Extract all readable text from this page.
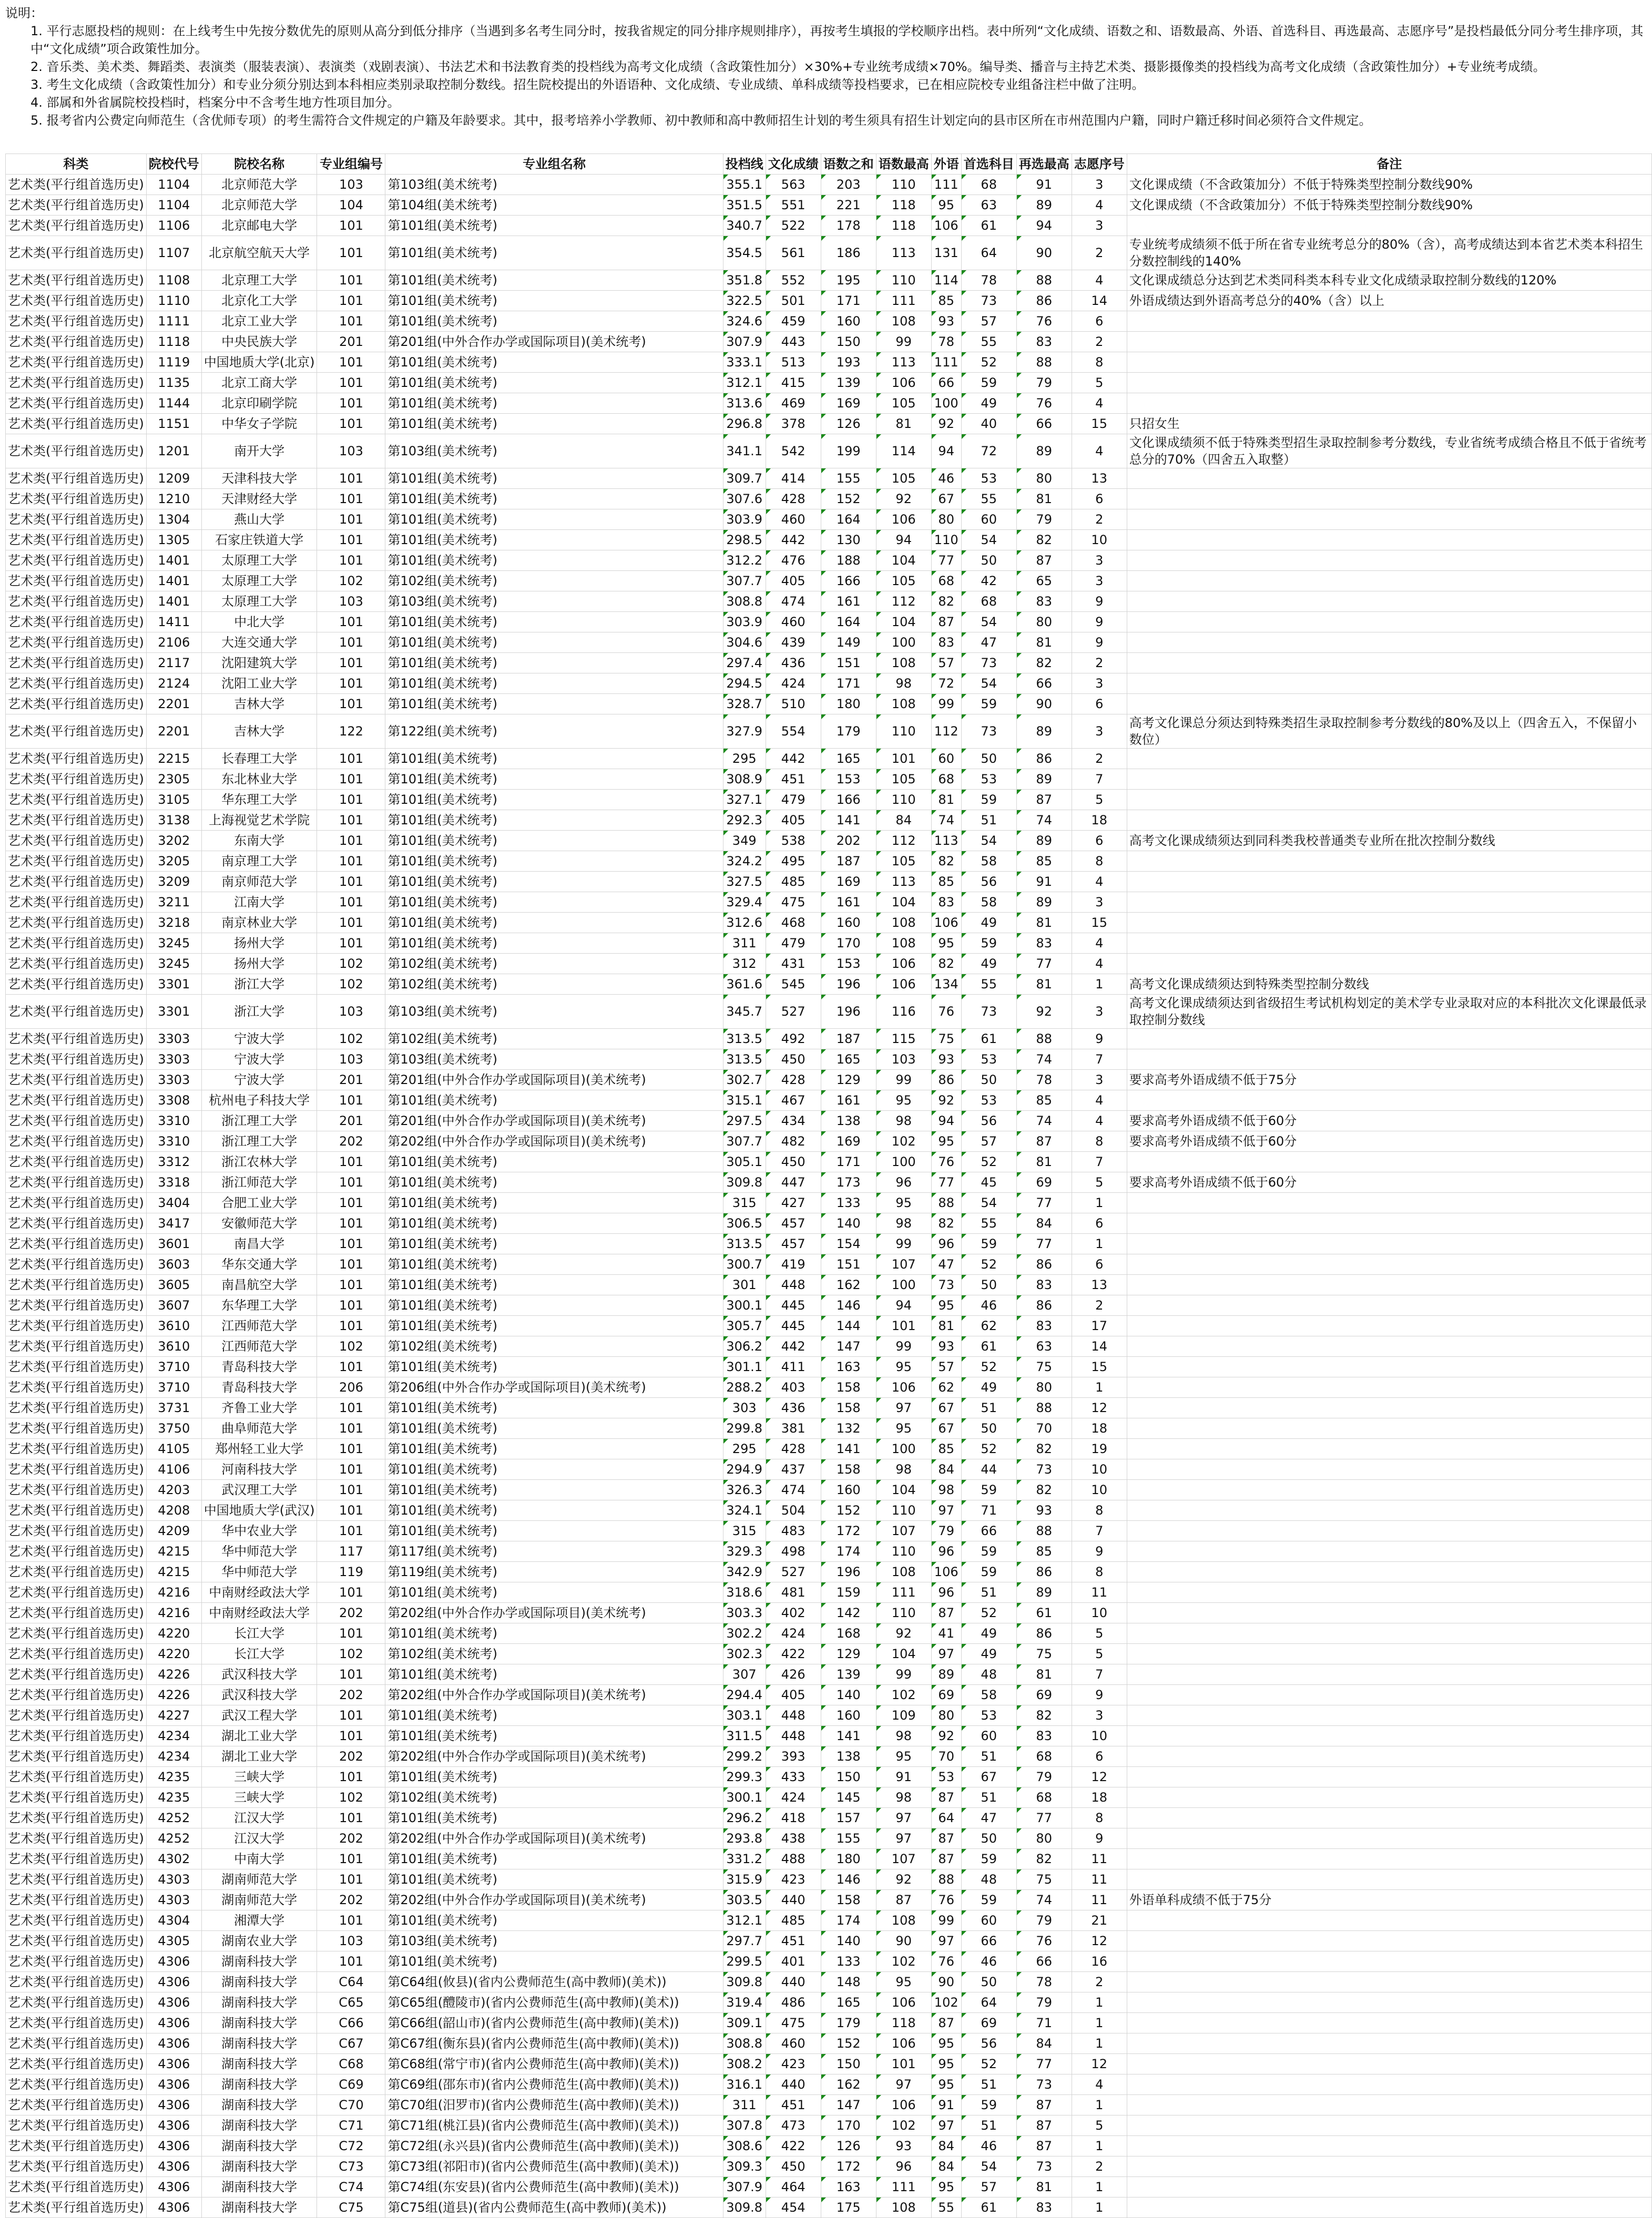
说明：
1. 平行志愿投档的规则：在上线考生中先按分数优先的原则从高分到低分排序（当遇到多名考生同分时，按我省规定的同分排序规则排序），再按考生填报的学校顺序出档。表中所列“文化成绩、语数之和、语数最高、外语、首选科目、再选最高、志愿序号”是投档最低分同分考生排序项，其中“文化成绩”项合政策性加分。
2. 音乐类、美术类、舞蹈类、表演类（服装表演）、表演类（戏剧表演）、书法艺术和书法教育类的投档线为高考文化成绩（含政策性加分）×30%+专业统考成绩×70%。编导类、播音与主持艺术类、摄影摄像类的投档线为高考文化成绩（含政策性加分）+专业统考成绩。
3. 考生文化成绩（含政策性加分）和专业分须分别达到本科相应类别录取控制分数线。招生院校提出的外语语种、文化成绩、专业成绩、单科成绩等投档要求，已在相应院校专业组备注栏中做了注明。
4. 部属和外省属院校投档时，档案分中不含考生地方性项目加分。
5. 报考省内公费定向师范生（含优师专项）的考生需符合文件规定的户籍及年龄要求。其中，报考培养小学教师、初中教师和高中教师招生计划的考生须具有招生计划定向的县市区所在市州范围内户籍，同时户籍迁移时间必须符合文件规定。
科类	院校代号	院校名称	专业组编号	专业组名称	投档线	文化成绩	语数之和	语数最高	外语	首选科目	再选最高	志愿序号	备注
艺术类(平行组首选历史)	1104	北京师范大学	103	第103组(美术统考)	355.1	563	203	110	111	68	91	3	文化课成绩（不含政策加分）不低于特殊类型控制分数线90%
艺术类(平行组首选历史)	1104	北京师范大学	104	第104组(美术统考)	351.5	551	221	118	95	63	89	4	文化课成绩（不含政策加分）不低于特殊类型控制分数线90%
艺术类(平行组首选历史)	1106	北京邮电大学	101	第101组(美术统考)	340.7	522	178	118	106	61	94	3	
艺术类(平行组首选历史)	1107	北京航空航天大学	101	第101组(美术统考)	354.5	561	186	113	131	64	90	2	专业统考成绩须不低于所在省专业统考总分的80%（含），高考成绩达到本省艺术类本科招生分数控制线的140%
艺术类(平行组首选历史)	1108	北京理工大学	101	第101组(美术统考)	351.8	552	195	110	114	78	88	4	文化课成绩总分达到艺术类同科类本科专业文化成绩录取控制分数线的120%
艺术类(平行组首选历史)	1110	北京化工大学	101	第101组(美术统考)	322.5	501	171	111	85	73	86	14	外语成绩达到外语高考总分的40%（含）以上
艺术类(平行组首选历史)	1111	北京工业大学	101	第101组(美术统考)	324.6	459	160	108	93	57	76	6	
艺术类(平行组首选历史)	1118	中央民族大学	201	第201组(中外合作办学或国际项目)(美术统考)	307.9	443	150	99	78	55	83	2	
艺术类(平行组首选历史)	1119	中国地质大学(北京)	101	第101组(美术统考)	333.1	513	193	113	111	52	88	8	
艺术类(平行组首选历史)	1135	北京工商大学	101	第101组(美术统考)	312.1	415	139	106	66	59	79	5	
艺术类(平行组首选历史)	1144	北京印刷学院	101	第101组(美术统考)	313.6	469	169	105	100	49	76	4	
艺术类(平行组首选历史)	1151	中华女子学院	101	第101组(美术统考)	296.8	378	126	81	92	40	66	15	只招女生
艺术类(平行组首选历史)	1201	南开大学	103	第103组(美术统考)	341.1	542	199	114	94	72	89	4	文化课成绩须不低于特殊类型招生录取控制参考分数线，专业省统考成绩合格且不低于省统考总分的70%（四舍五入取整）
艺术类(平行组首选历史)	1209	天津科技大学	101	第101组(美术统考)	309.7	414	155	105	46	53	80	13	
艺术类(平行组首选历史)	1210	天津财经大学	101	第101组(美术统考)	307.6	428	152	92	67	55	81	6	
艺术类(平行组首选历史)	1304	燕山大学	101	第101组(美术统考)	303.9	460	164	106	80	60	79	2	
艺术类(平行组首选历史)	1305	石家庄铁道大学	101	第101组(美术统考)	298.5	442	130	94	110	54	82	10	
艺术类(平行组首选历史)	1401	太原理工大学	101	第101组(美术统考)	312.2	476	188	104	77	50	87	3	
艺术类(平行组首选历史)	1401	太原理工大学	102	第102组(美术统考)	307.7	405	166	105	68	42	65	3	
艺术类(平行组首选历史)	1401	太原理工大学	103	第103组(美术统考)	308.8	474	161	112	82	68	83	9	
艺术类(平行组首选历史)	1411	中北大学	101	第101组(美术统考)	303.9	460	164	104	87	54	80	9	
艺术类(平行组首选历史)	2106	大连交通大学	101	第101组(美术统考)	304.6	439	149	100	83	47	81	9	
艺术类(平行组首选历史)	2117	沈阳建筑大学	101	第101组(美术统考)	297.4	436	151	108	57	73	82	2	
艺术类(平行组首选历史)	2124	沈阳工业大学	101	第101组(美术统考)	294.5	424	171	98	72	54	66	3	
艺术类(平行组首选历史)	2201	吉林大学	101	第101组(美术统考)	328.7	510	180	108	99	59	90	6	
艺术类(平行组首选历史)	2201	吉林大学	122	第122组(美术统考)	327.9	554	179	110	112	73	89	3	高考文化课总分须达到特殊类招生录取控制参考分数线的80%及以上（四舍五入，不保留小数位）
艺术类(平行组首选历史)	2215	长春理工大学	101	第101组(美术统考)	295	442	165	101	60	50	86	2	
艺术类(平行组首选历史)	2305	东北林业大学	101	第101组(美术统考)	308.9	451	153	105	68	53	89	7	
艺术类(平行组首选历史)	3105	华东理工大学	101	第101组(美术统考)	327.1	479	166	110	81	59	87	5	
艺术类(平行组首选历史)	3138	上海视觉艺术学院	101	第101组(美术统考)	292.3	405	141	84	74	51	74	18	
艺术类(平行组首选历史)	3202	东南大学	101	第101组(美术统考)	349	538	202	112	113	54	89	6	高考文化课成绩须达到同科类我校普通类专业所在批次控制分数线
艺术类(平行组首选历史)	3205	南京理工大学	101	第101组(美术统考)	324.2	495	187	105	82	58	85	8	
艺术类(平行组首选历史)	3209	南京师范大学	101	第101组(美术统考)	327.5	485	169	113	85	56	91	4	
艺术类(平行组首选历史)	3211	江南大学	101	第101组(美术统考)	329.4	475	161	104	83	58	89	3	
艺术类(平行组首选历史)	3218	南京林业大学	101	第101组(美术统考)	312.6	468	160	108	106	49	81	15	
艺术类(平行组首选历史)	3245	扬州大学	101	第101组(美术统考)	311	479	170	108	95	59	83	4	
艺术类(平行组首选历史)	3245	扬州大学	102	第102组(美术统考)	312	431	153	106	82	49	77	4	
艺术类(平行组首选历史)	3301	浙江大学	102	第102组(美术统考)	361.6	545	196	106	134	55	81	1	高考文化课成绩须达到特殊类型控制分数线
艺术类(平行组首选历史)	3301	浙江大学	103	第103组(美术统考)	345.7	527	196	116	76	73	92	3	高考文化课成绩须达到省级招生考试机构划定的美术学专业录取对应的本科批次文化课最低录取控制分数线
艺术类(平行组首选历史)	3303	宁波大学	102	第102组(美术统考)	313.5	492	187	115	75	61	88	9	
艺术类(平行组首选历史)	3303	宁波大学	103	第103组(美术统考)	313.5	450	165	103	93	53	74	7	
艺术类(平行组首选历史)	3303	宁波大学	201	第201组(中外合作办学或国际项目)(美术统考)	302.7	428	129	99	86	50	78	3	要求高考外语成绩不低于75分
艺术类(平行组首选历史)	3308	杭州电子科技大学	101	第101组(美术统考)	315.1	467	161	95	92	53	85	4	
艺术类(平行组首选历史)	3310	浙江理工大学	201	第201组(中外合作办学或国际项目)(美术统考)	297.5	434	138	98	94	56	74	4	要求高考外语成绩不低于60分
艺术类(平行组首选历史)	3310	浙江理工大学	202	第202组(中外合作办学或国际项目)(美术统考)	307.7	482	169	102	95	57	87	8	要求高考外语成绩不低于60分
艺术类(平行组首选历史)	3312	浙江农林大学	101	第101组(美术统考)	305.1	450	171	100	76	52	81	7	
艺术类(平行组首选历史)	3318	浙江师范大学	101	第101组(美术统考)	309.8	447	173	96	77	45	69	5	要求高考外语成绩不低于60分
艺术类(平行组首选历史)	3404	合肥工业大学	101	第101组(美术统考)	315	427	133	95	88	54	77	1	
艺术类(平行组首选历史)	3417	安徽师范大学	101	第101组(美术统考)	306.5	457	140	98	82	55	84	6	
艺术类(平行组首选历史)	3601	南昌大学	101	第101组(美术统考)	313.5	457	154	99	96	59	77	1	
艺术类(平行组首选历史)	3603	华东交通大学	101	第101组(美术统考)	300.7	419	151	107	47	52	86	6	
艺术类(平行组首选历史)	3605	南昌航空大学	101	第101组(美术统考)	301	448	162	100	73	50	83	13	
艺术类(平行组首选历史)	3607	东华理工大学	101	第101组(美术统考)	300.1	445	146	94	95	46	86	2	
艺术类(平行组首选历史)	3610	江西师范大学	101	第101组(美术统考)	305.7	445	144	101	81	62	83	17	
艺术类(平行组首选历史)	3610	江西师范大学	102	第102组(美术统考)	306.2	442	147	99	93	61	63	14	
艺术类(平行组首选历史)	3710	青岛科技大学	101	第101组(美术统考)	301.1	411	163	95	57	52	75	15	
艺术类(平行组首选历史)	3710	青岛科技大学	206	第206组(中外合作办学或国际项目)(美术统考)	288.2	403	158	106	62	49	80	1	
艺术类(平行组首选历史)	3731	齐鲁工业大学	101	第101组(美术统考)	303	436	158	97	67	51	88	12	
艺术类(平行组首选历史)	3750	曲阜师范大学	101	第101组(美术统考)	299.8	381	132	95	67	50	70	18	
艺术类(平行组首选历史)	4105	郑州轻工业大学	101	第101组(美术统考)	295	428	141	100	85	52	82	19	
艺术类(平行组首选历史)	4106	河南科技大学	101	第101组(美术统考)	294.9	437	158	98	84	44	73	10	
艺术类(平行组首选历史)	4203	武汉理工大学	101	第101组(美术统考)	326.3	474	160	104	98	59	82	10	
艺术类(平行组首选历史)	4208	中国地质大学(武汉)	101	第101组(美术统考)	324.1	504	152	110	97	71	93	8	
艺术类(平行组首选历史)	4209	华中农业大学	101	第101组(美术统考)	315	483	172	107	79	66	88	7	
艺术类(平行组首选历史)	4215	华中师范大学	117	第117组(美术统考)	329.3	498	174	110	96	59	85	9	
艺术类(平行组首选历史)	4215	华中师范大学	119	第119组(美术统考)	342.9	527	196	108	106	59	86	8	
艺术类(平行组首选历史)	4216	中南财经政法大学	101	第101组(美术统考)	318.6	481	159	111	96	51	89	11	
艺术类(平行组首选历史)	4216	中南财经政法大学	202	第202组(中外合作办学或国际项目)(美术统考)	303.3	402	142	110	87	52	61	10	
艺术类(平行组首选历史)	4220	长江大学	101	第101组(美术统考)	302.2	424	168	92	41	49	86	5	
艺术类(平行组首选历史)	4220	长江大学	102	第102组(美术统考)	302.3	422	129	104	97	49	75	5	
艺术类(平行组首选历史)	4226	武汉科技大学	101	第101组(美术统考)	307	426	139	99	89	48	81	7	
艺术类(平行组首选历史)	4226	武汉科技大学	202	第202组(中外合作办学或国际项目)(美术统考)	294.4	405	140	102	69	58	69	9	
艺术类(平行组首选历史)	4227	武汉工程大学	101	第101组(美术统考)	303.1	448	160	109	80	53	82	3	
艺术类(平行组首选历史)	4234	湖北工业大学	101	第101组(美术统考)	311.5	448	141	98	92	60	83	10	
艺术类(平行组首选历史)	4234	湖北工业大学	202	第202组(中外合作办学或国际项目)(美术统考)	299.2	393	138	95	70	51	68	6	
艺术类(平行组首选历史)	4235	三峡大学	101	第101组(美术统考)	299.3	433	150	91	53	67	79	12	
艺术类(平行组首选历史)	4235	三峡大学	102	第102组(美术统考)	300.1	424	145	98	87	51	68	18	
艺术类(平行组首选历史)	4252	江汉大学	101	第101组(美术统考)	296.2	418	157	97	64	47	77	8	
艺术类(平行组首选历史)	4252	江汉大学	202	第202组(中外合作办学或国际项目)(美术统考)	293.8	438	155	97	87	50	80	9	
艺术类(平行组首选历史)	4302	中南大学	101	第101组(美术统考)	331.2	488	180	107	87	59	82	11	
艺术类(平行组首选历史)	4303	湖南师范大学	101	第101组(美术统考)	315.9	423	146	92	88	48	75	11	
艺术类(平行组首选历史)	4303	湖南师范大学	202	第202组(中外合作办学或国际项目)(美术统考)	303.5	440	158	87	76	59	74	11	外语单科成绩不低于75分
艺术类(平行组首选历史)	4304	湘潭大学	101	第101组(美术统考)	312.1	485	174	108	99	60	79	21	
艺术类(平行组首选历史)	4305	湖南农业大学	103	第103组(美术统考)	297.7	451	140	90	97	66	76	12	
艺术类(平行组首选历史)	4306	湖南科技大学	101	第101组(美术统考)	299.5	401	133	102	76	46	66	16	
艺术类(平行组首选历史)	4306	湖南科技大学	C64	第C64组(攸县)(省内公费师范生(高中教师)(美术))	309.8	440	148	95	90	50	78	2	
艺术类(平行组首选历史)	4306	湖南科技大学	C65	第C65组(醴陵市)(省内公费师范生(高中教师)(美术))	319.4	486	165	106	102	64	79	1	
艺术类(平行组首选历史)	4306	湖南科技大学	C66	第C66组(韶山市)(省内公费师范生(高中教师)(美术))	309.1	475	179	118	87	69	71	1	
艺术类(平行组首选历史)	4306	湖南科技大学	C67	第C67组(衡东县)(省内公费师范生(高中教师)(美术))	308.8	460	152	106	95	56	84	1	
艺术类(平行组首选历史)	4306	湖南科技大学	C68	第C68组(常宁市)(省内公费师范生(高中教师)(美术))	308.2	423	150	101	95	52	77	12	
艺术类(平行组首选历史)	4306	湖南科技大学	C69	第C69组(邵东市)(省内公费师范生(高中教师)(美术))	316.1	440	162	97	95	51	73	4	
艺术类(平行组首选历史)	4306	湖南科技大学	C70	第C70组(汨罗市)(省内公费师范生(高中教师)(美术))	311	451	147	106	91	59	87	1	
艺术类(平行组首选历史)	4306	湖南科技大学	C71	第C71组(桃江县)(省内公费师范生(高中教师)(美术))	307.8	473	170	102	97	51	87	5	
艺术类(平行组首选历史)	4306	湖南科技大学	C72	第C72组(永兴县)(省内公费师范生(高中教师)(美术))	308.6	422	126	93	84	46	87	1	
艺术类(平行组首选历史)	4306	湖南科技大学	C73	第C73组(祁阳市)(省内公费师范生(高中教师)(美术))	309.3	450	172	96	84	54	73	2	
艺术类(平行组首选历史)	4306	湖南科技大学	C74	第C74组(东安县)(省内公费师范生(高中教师)(美术))	307.9	464	163	111	95	57	81	1	
艺术类(平行组首选历史)	4306	湖南科技大学	C75	第C75组(道县)(省内公费师范生(高中教师)(美术))	309.8	454	175	108	55	61	83	1	
